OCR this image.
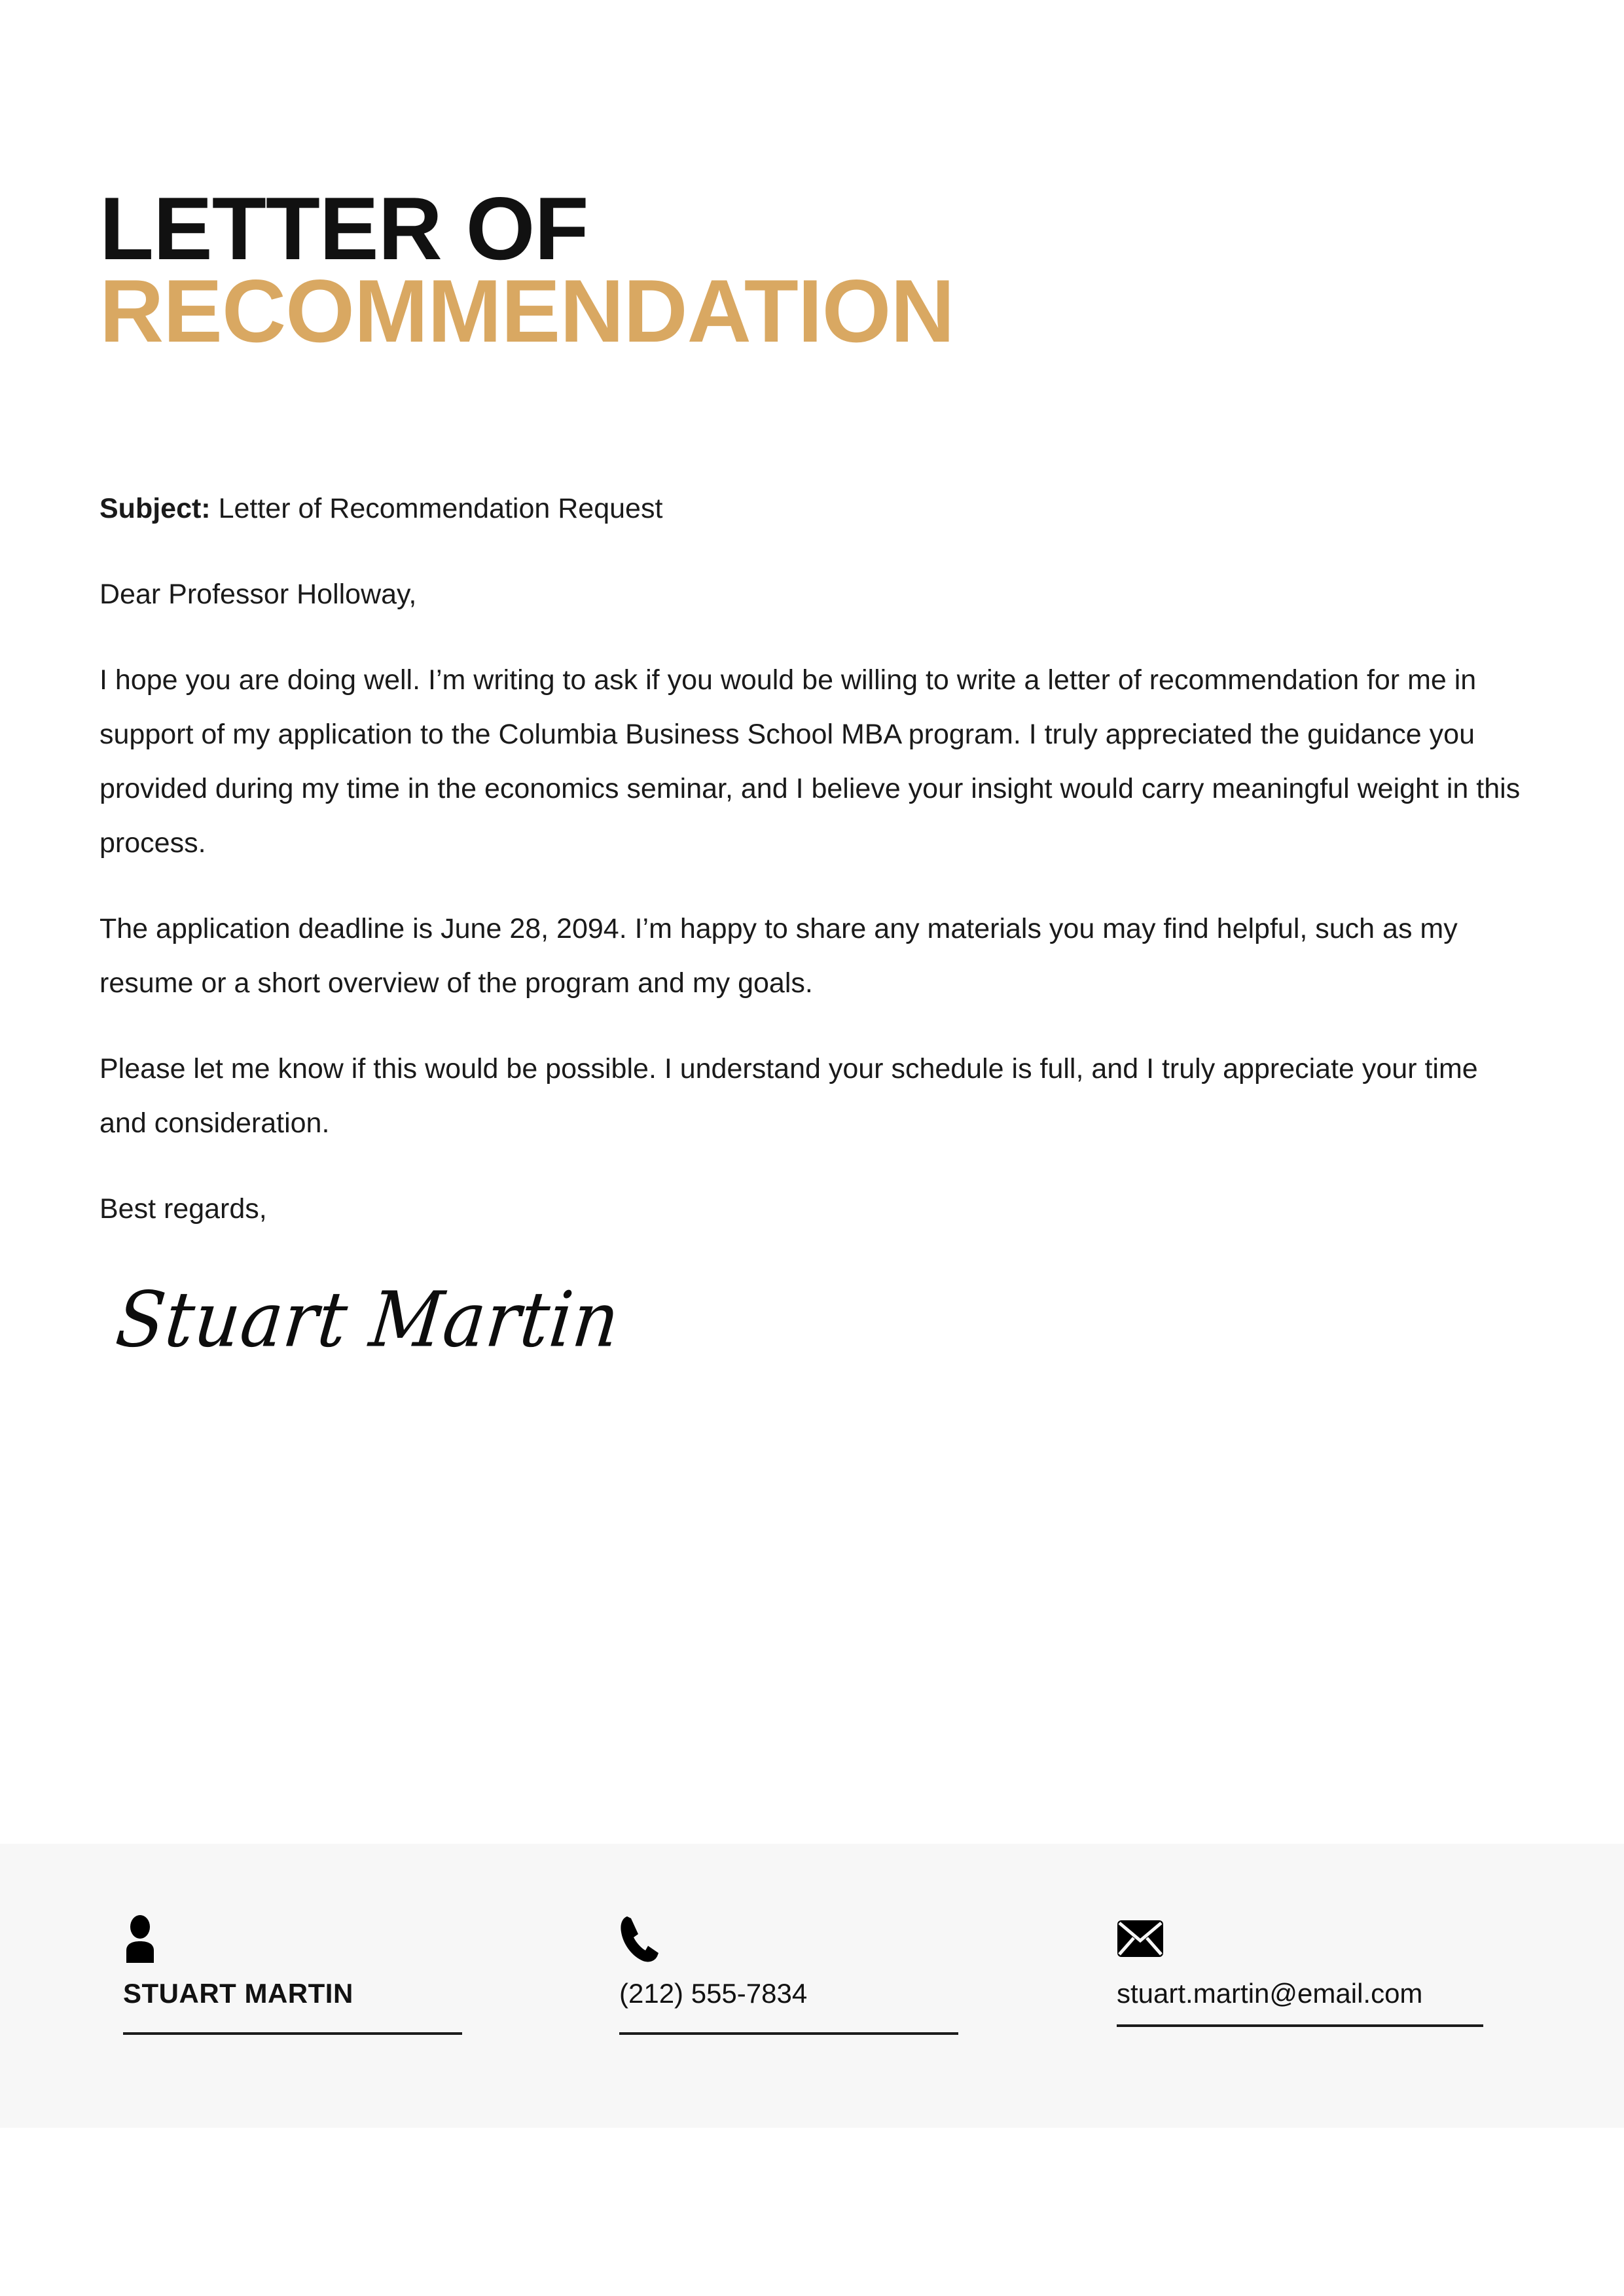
LETTER OF
RECOMMENDATION

Subject: Letter of Recommendation Request

Dear Professor Holloway,

I hope you are doing well. I’m writing to ask if you would be willing to write a letter of recommendation for me in support of my application to the Columbia Business School MBA program. I truly appreciated the guidance you provided during my time in the economics seminar, and I believe your insight would carry meaningful weight in this process.

The application deadline is June 28, 2094. I’m happy to share any materials you may find helpful, such as my resume or a short overview of the program and my goals.

Please let me know if this would be possible. I understand your schedule is full, and I truly appreciate your time and consideration.

Best regards,

Stuart Martin
STUART MARTIN	(212) 555-7834	stuart.martin@email.com
